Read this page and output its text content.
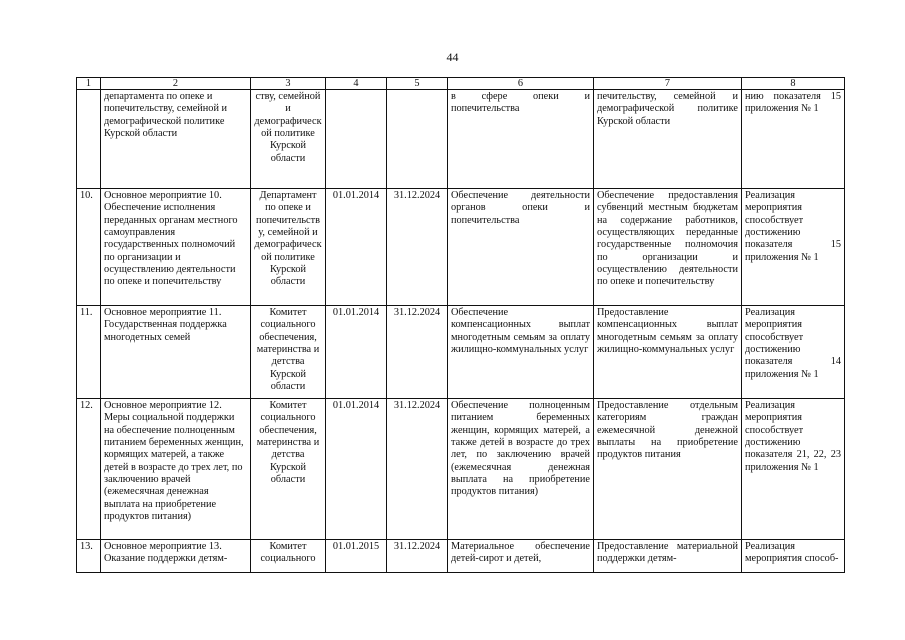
44
1	2	3	4	5	6	7	8
	департамента по опеке и попечительству, семейной и демографической политике Курской области	ству, семейной и демографической политике Курской области			в сфере опеки и попечительства	печительству, семейной и демографической политике Курской области	нию показателя 15 приложения № 1
10.	Основное мероприятие 10. Обеспечение исполнения переданных органам местного самоуправления государственных полномочий по организации и осуществлению деятельности по опеке и попечительству	Департамент по опеке и попечительству, семейной и демографической политике Курской области	01.01.2014	31.12.2024	Обеспечение деятельности органов опеки и попечительства	Обеспечение предоставления субвенций местным бюджетам на содержание работников, осуществляющих переданные государственные полномочия по организации и осуществлению деятельности по опеке и попечительству	Реализация мероприятия способствует достижению показателя 15 приложения № 1
11.	Основное мероприятие 11. Государственная поддержка многодетных семей	Комитет социального обеспечения, материнства и детства Курской области	01.01.2014	31.12.2024	Обеспечение компенсационных выплат многодетным семьям за оплату жилищно-коммунальных услуг	Предоставление компенсационных выплат многодетным семьям за оплату жилищно-коммунальных услуг	Реализация мероприятия способствует достижению показателя 14 приложения № 1
12.	Основное мероприятие 12. Меры социальной поддержки на обеспечение полноценным питанием беременных женщин, кормящих матерей, а также детей в возрасте до трех лет, по заключению врачей (ежемесячная денежная выплата на приобретение продуктов питания)	Комитет социального обеспечения, материнства и детства Курской области	01.01.2014	31.12.2024	Обеспечение полноценным питанием беременных женщин, кормящих матерей, а также детей в возрасте до трех лет, по заключению врачей (ежемесячная денежная выплата на приобретение продуктов питания)	Предоставление отдельным категориям граждан ежемесячной денежной выплаты на приобретение продуктов питания	Реализация мероприятия способствует достижению показателя 21, 22, 23 приложения № 1
13.	Основное мероприятие 13. Оказание поддержки детям-	Комитет социального	01.01.2015	31.12.2024	Материальное обеспечение детей-сирот и детей,	Предоставление материальной поддержки детям-	Реализация мероприятия способ-
